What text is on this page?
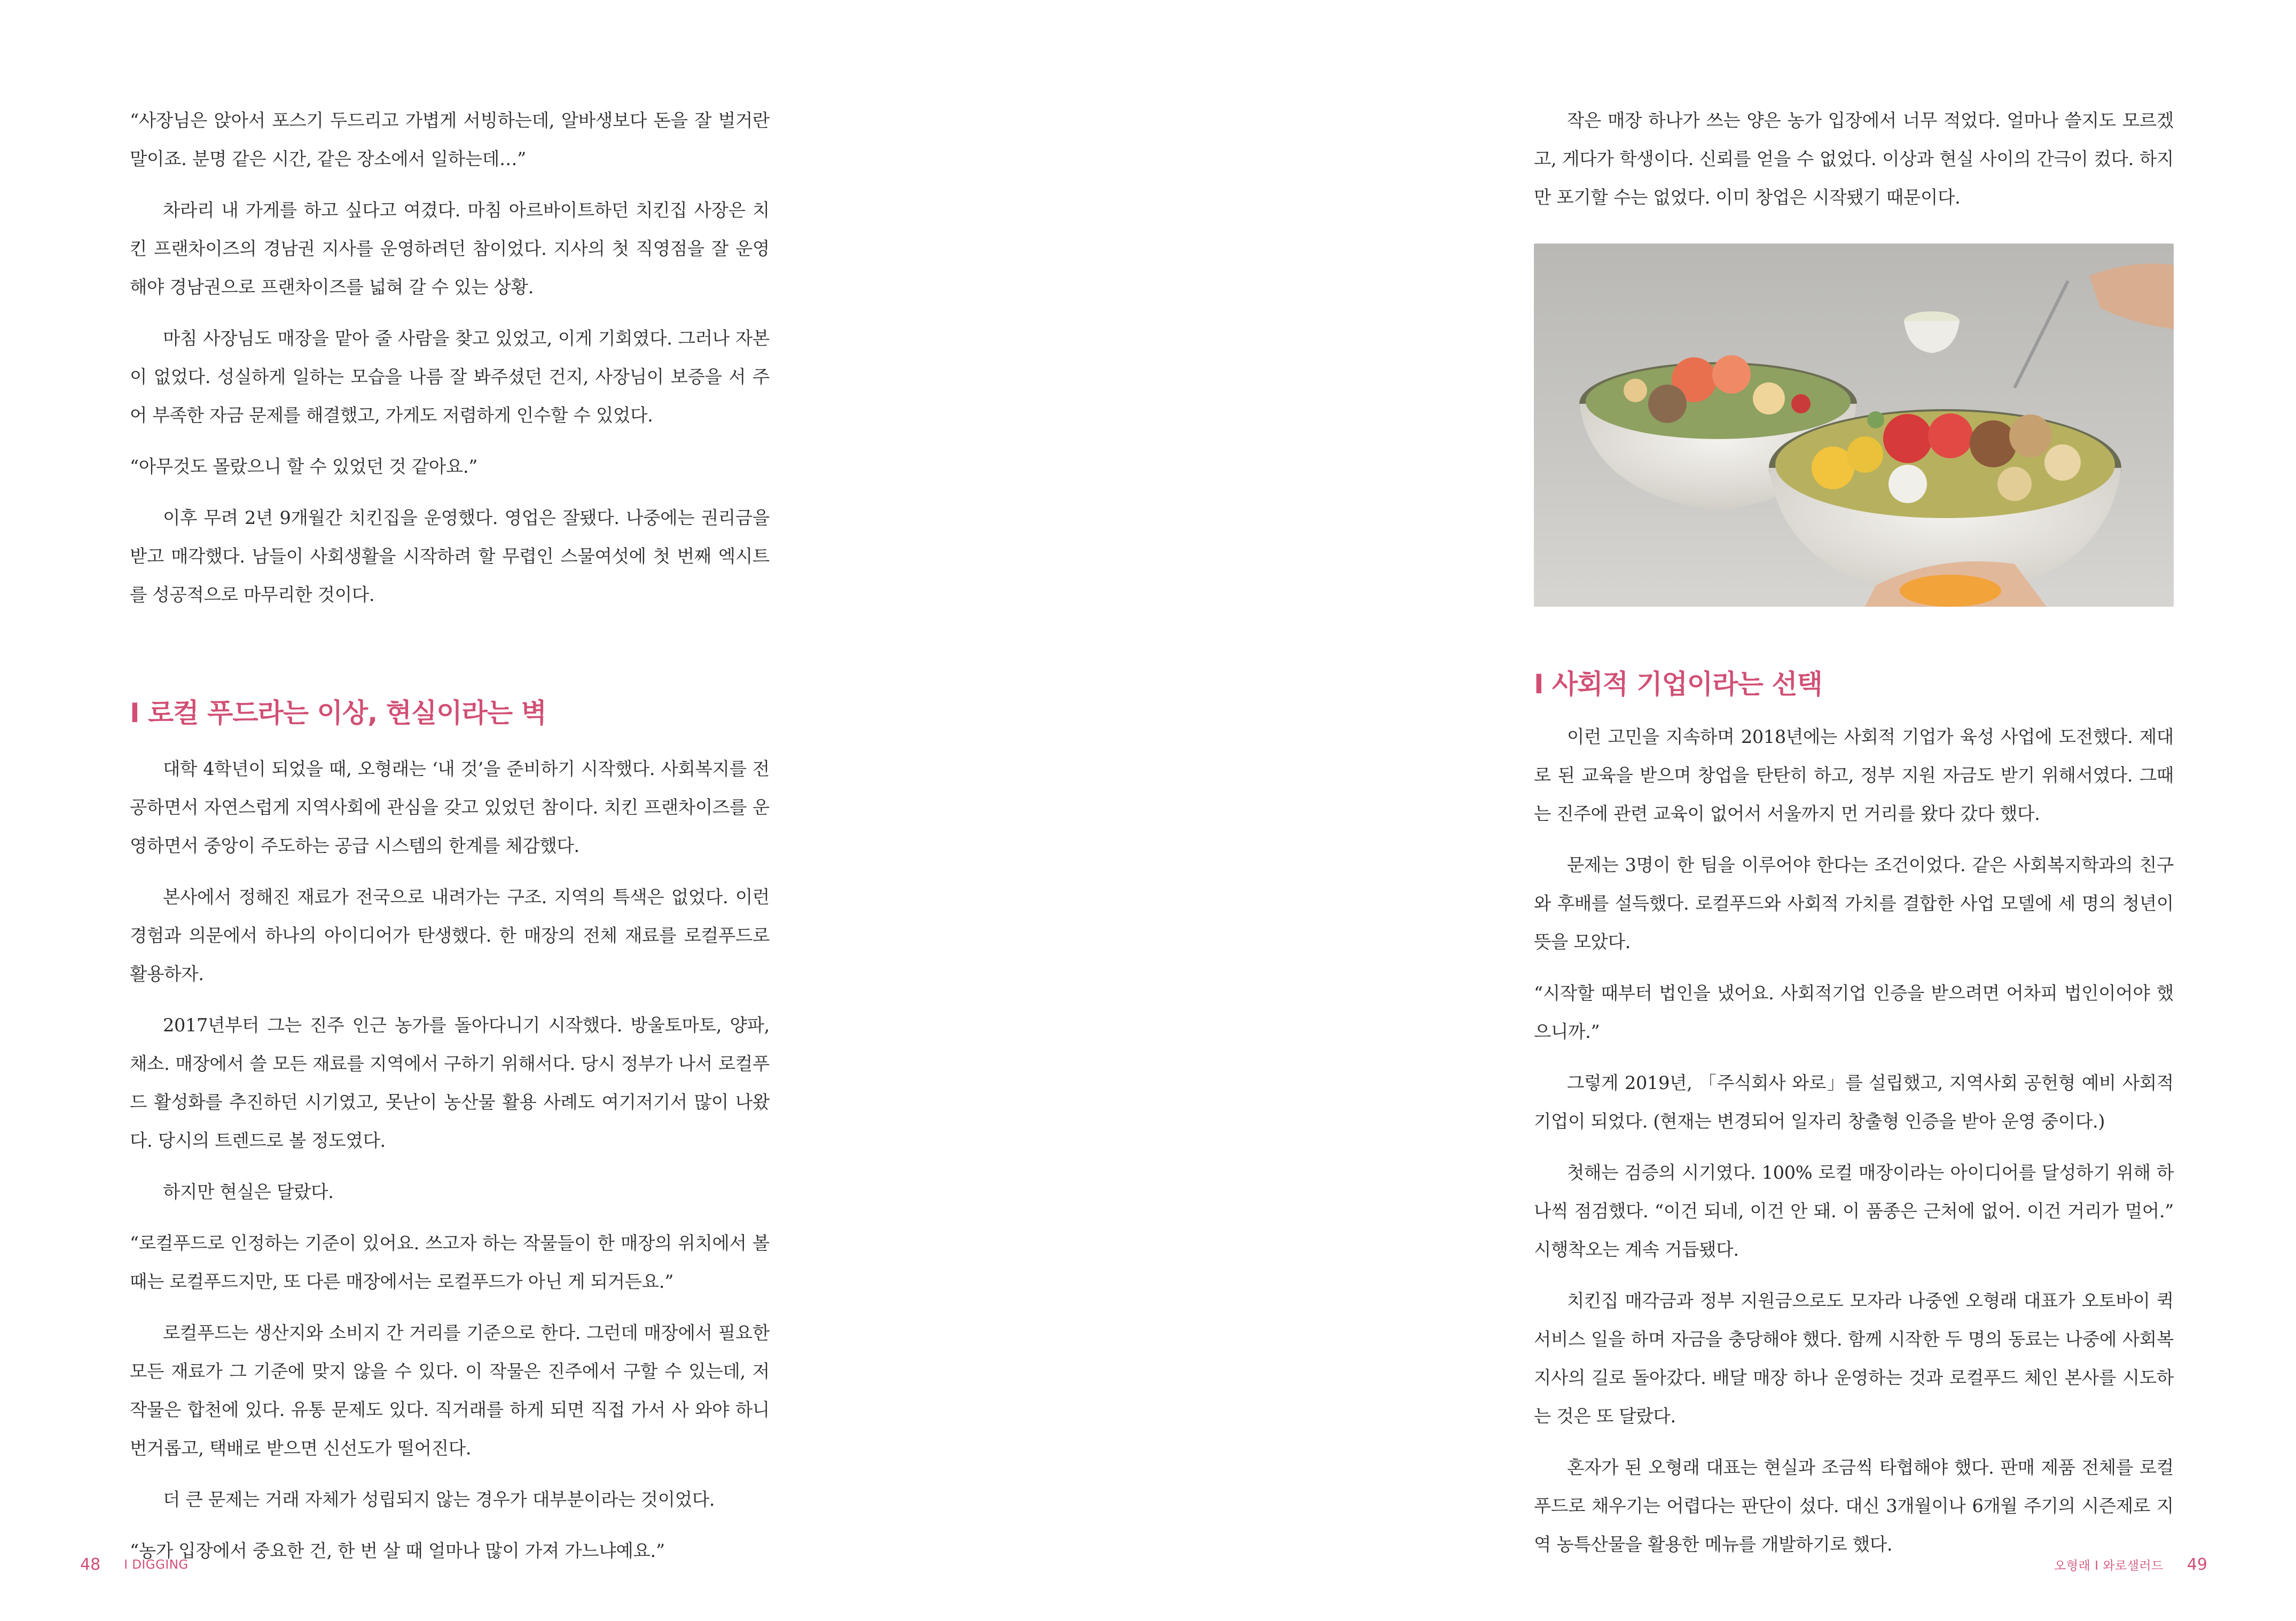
“사장님은 앉아서 포스기 두드리고 가볍게 서빙하는데, 알바생보다 돈을 잘 벌거란 말이죠. 분명 같은 시간, 같은 장소에서 일하는데…”

차라리 내 가게를 하고 싶다고 여겼다. 마침 아르바이트하던 치킨집 사장은 치킨 프랜차이즈의 경남권 지사를 운영하려던 참이었다. 지사의 첫 직영점을 잘 운영해야 경남권으로 프랜차이즈를 넓혀 갈 수 있는 상황.

마침 사장님도 매장을 맡아 줄 사람을 찾고 있었고, 이게 기회였다. 그러나 자본이 없었다. 성실하게 일하는 모습을 나름 잘 봐주셨던 건지, 사장님이 보증을 서 주어 부족한 자금 문제를 해결했고, 가게도 저렴하게 인수할 수 있었다.

“아무것도 몰랐으니 할 수 있었던 것 같아요.”

이후 무려 2년 9개월간 치킨집을 운영했다. 영업은 잘됐다. 나중에는 권리금을 받고 매각했다. 남들이 사회생활을 시작하려 할 무렵인 스물여섯에 첫 번째 엑시트를 성공적으로 마무리한 것이다.

I 로컬 푸드라는 이상, 현실이라는 벽

대학 4학년이 되었을 때, 오형래는 ‘내 것’을 준비하기 시작했다. 사회복지를 전공하면서 자연스럽게 지역사회에 관심을 갖고 있었던 참이다. 치킨 프랜차이즈를 운영하면서 중앙이 주도하는 공급 시스템의 한계를 체감했다.

본사에서 정해진 재료가 전국으로 내려가는 구조. 지역의 특색은 없었다. 이런 경험과 의문에서 하나의 아이디어가 탄생했다. 한 매장의 전체 재료를 로컬푸드로 활용하자.

2017년부터 그는 진주 인근 농가를 돌아다니기 시작했다. 방울토마토, 양파, 채소. 매장에서 쓸 모든 재료를 지역에서 구하기 위해서다. 당시 정부가 나서 로컬푸드 활성화를 추진하던 시기였고, 못난이 농산물 활용 사례도 여기저기서 많이 나왔다. 당시의 트렌드로 볼 정도였다.

하지만 현실은 달랐다.

“로컬푸드로 인정하는 기준이 있어요. 쓰고자 하는 작물들이 한 매장의 위치에서 볼 때는 로컬푸드지만, 또 다른 매장에서는 로컬푸드가 아닌 게 되거든요.”

로컬푸드는 생산지와 소비지 간 거리를 기준으로 한다. 그런데 매장에서 필요한 모든 재료가 그 기준에 맞지 않을 수 있다. 이 작물은 진주에서 구할 수 있는데, 저 작물은 합천에 있다. 유통 문제도 있다. 직거래를 하게 되면 직접 가서 사 와야 하니 번거롭고, 택배로 받으면 신선도가 떨어진다.

더 큰 문제는 거래 자체가 성립되지 않는 경우가 대부분이라는 것이었다.

“농가 입장에서 중요한 건, 한 번 살 때 얼마나 많이 가져 가느냐예요.”

48 I DIGGING

작은 매장 하나가 쓰는 양은 농가 입장에서 너무 적었다. 얼마나 쓸지도 모르겠고, 게다가 학생이다. 신뢰를 얻을 수 없었다. 이상과 현실 사이의 간극이 컸다. 하지만 포기할 수는 없었다. 이미 창업은 시작됐기 때문이다.

I 사회적 기업이라는 선택

이런 고민을 지속하며 2018년에는 사회적 기업가 육성 사업에 도전했다. 제대로 된 교육을 받으며 창업을 탄탄히 하고, 정부 지원 자금도 받기 위해서였다. 그때는 진주에 관련 교육이 없어서 서울까지 먼 거리를 왔다 갔다 했다.

문제는 3명이 한 팀을 이루어야 한다는 조건이었다. 같은 사회복지학과의 친구와 후배를 설득했다. 로컬푸드와 사회적 가치를 결합한 사업 모델에 세 명의 청년이 뜻을 모았다.

“시작할 때부터 법인을 냈어요. 사회적기업 인증을 받으려면 어차피 법인이어야 했으니까.”

그렇게 2019년, 「주식회사 와로」를 설립했고, 지역사회 공헌형 예비 사회적 기업이 되었다. (현재는 변경되어 일자리 창출형 인증을 받아 운영 중이다.)

첫해는 검증의 시기였다. 100% 로컬 매장이라는 아이디어를 달성하기 위해 하나씩 점검했다. “이건 되네, 이건 안 돼. 이 품종은 근처에 없어. 이건 거리가 멀어.” 시행착오는 계속 거듭됐다.

치킨집 매각금과 정부 지원금으로도 모자라 나중엔 오형래 대표가 오토바이 퀵서비스 일을 하며 자금을 충당해야 했다. 함께 시작한 두 명의 동료는 나중에 사회복지사의 길로 돌아갔다. 배달 매장 하나 운영하는 것과 로컬푸드 체인 본사를 시도하는 것은 또 달랐다.

혼자가 된 오형래 대표는 현실과 조금씩 타협해야 했다. 판매 제품 전체를 로컬푸드로 채우기는 어렵다는 판단이 섰다. 대신 3개월이나 6개월 주기의 시즌제로 지역 농특산물을 활용한 메뉴를 개발하기로 했다.

오형래 I 와로샐러드 49
